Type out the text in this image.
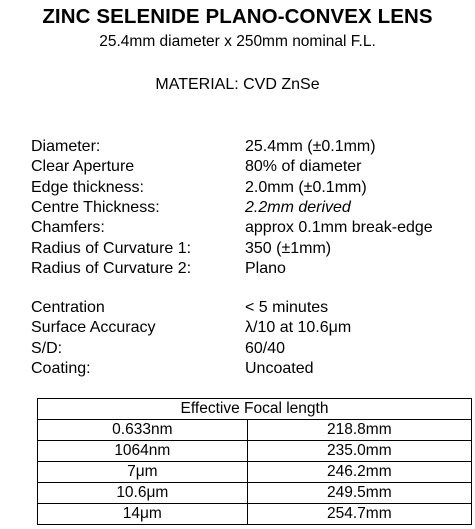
ZINC SELENIDE PLANO-CONVEX LENS
25.4mm diameter x 250mm nominal F.L.
MATERIAL: CVD ZnSe
Diameter:	25.4mm (±0.1mm)
Clear Aperture	80% of diameter
Edge thickness:	2.0mm (±0.1mm)
Centre Thickness:	2.2mm derived
Chamfers:	approx 0.1mm break-edge
Radius of Curvature 1:	350 (±1mm)
Radius of Curvature 2:	Plano
Centration	< 5 minutes
Surface Accuracy	λ/10 at 10.6μm
S/D:	60/40
Coating:	Uncoated
Effective Focal length	
0.633nm	218.8mm
1064nm	235.0mm
7μm	246.2mm
10.6μm	249.5mm
14μm	254.7mm
